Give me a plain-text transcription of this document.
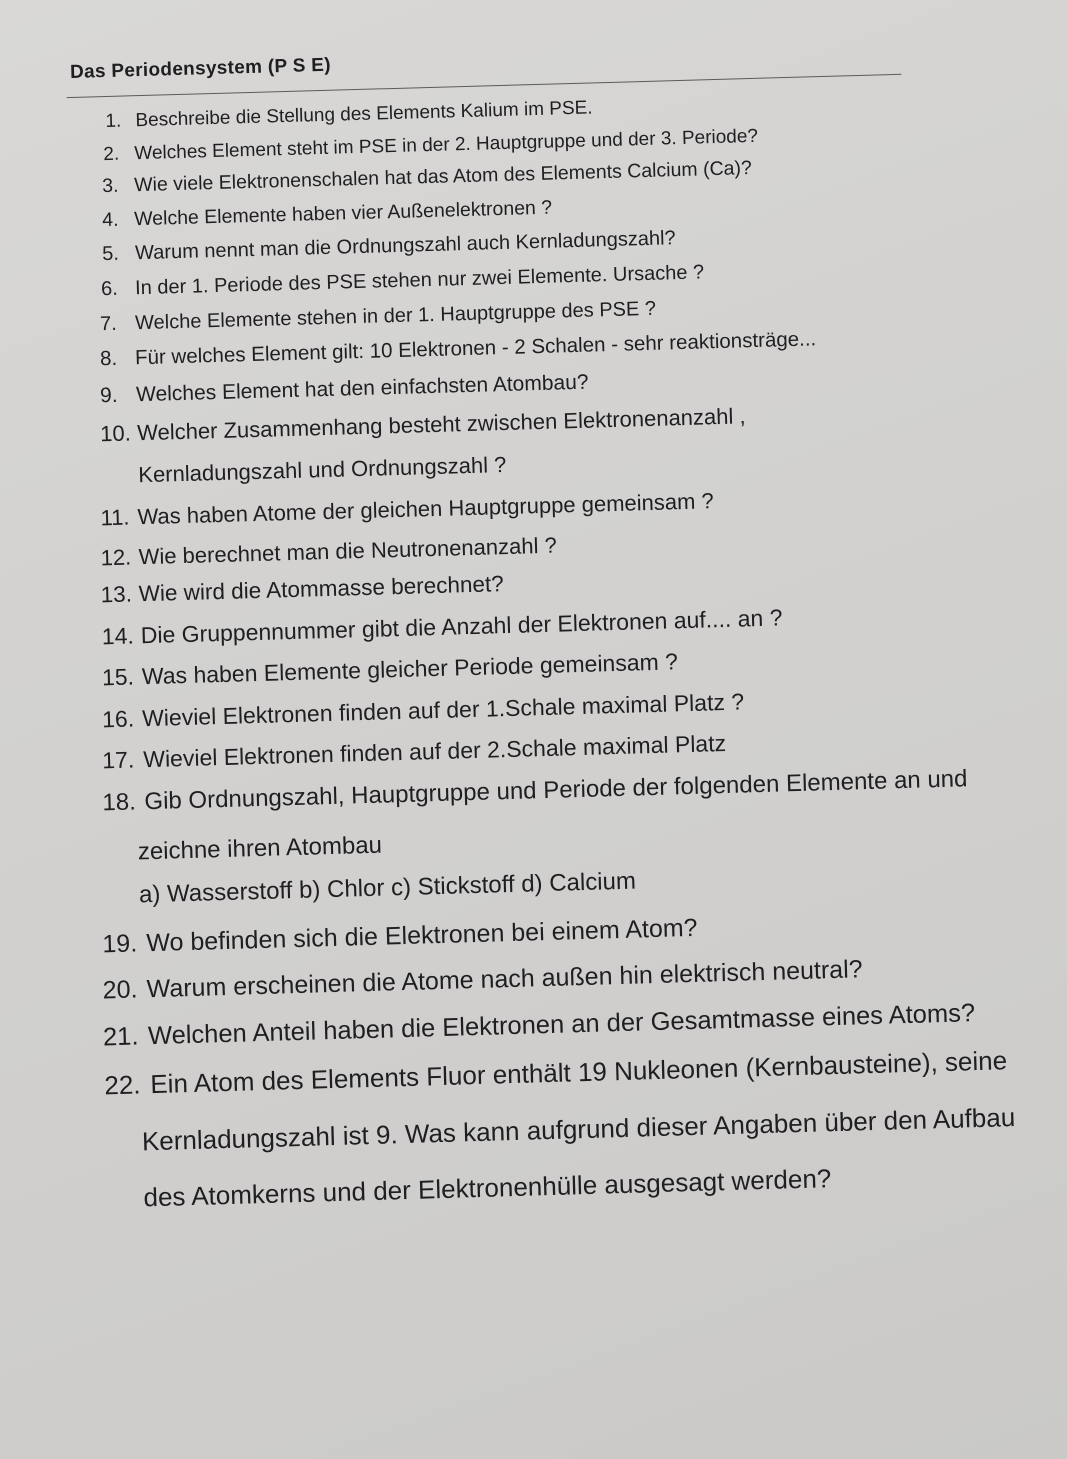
Das Periodensystem (P S E)
1. Beschreibe die Stellung des Elements Kalium im PSE.
2. Welches Element steht im PSE in der 2. Hauptgruppe und der 3. Periode?
3. Wie viele Elektronenschalen hat das Atom des Elements Calcium (Ca)?
4. Welche Elemente haben vier Außenelektronen ?
5. Warum nennt man die Ordnungszahl auch Kernladungszahl?
6. In der 1. Periode des PSE stehen nur zwei Elemente. Ursache ?
7. Welche Elemente stehen in der 1. Hauptgruppe des PSE ?
8. Für welches Element gilt: 10 Elektronen - 2 Schalen - sehr reaktionsträge...
9. Welches Element hat den einfachsten Atombau?
10. Welcher Zusammenhang besteht zwischen Elektronenanzahl ,
Kernladungszahl und Ordnungszahl ?
11. Was haben Atome der gleichen Hauptgruppe gemeinsam ?
12. Wie berechnet man die Neutronenanzahl ?
13. Wie wird die Atommasse berechnet?
14. Die Gruppennummer gibt die Anzahl der Elektronen auf.... an ?
15. Was haben Elemente gleicher Periode gemeinsam ?
16. Wieviel Elektronen finden auf der 1.Schale maximal Platz ?
17. Wieviel Elektronen finden auf der 2.Schale maximal Platz
18. Gib Ordnungszahl, Hauptgruppe und Periode der folgenden Elemente an und
zeichne ihren Atombau
a) Wasserstoff b) Chlor c) Stickstoff d) Calcium
19. Wo befinden sich die Elektronen bei einem Atom?
20. Warum erscheinen die Atome nach außen hin elektrisch neutral?
21. Welchen Anteil haben die Elektronen an der Gesamtmasse eines Atoms?
22. Ein Atom des Elements Fluor enthält 19 Nukleonen (Kernbausteine), seine
Kernladungszahl ist 9. Was kann aufgrund dieser Angaben über den Aufbau
des Atomkerns und der Elektronenhülle ausgesagt werden?
